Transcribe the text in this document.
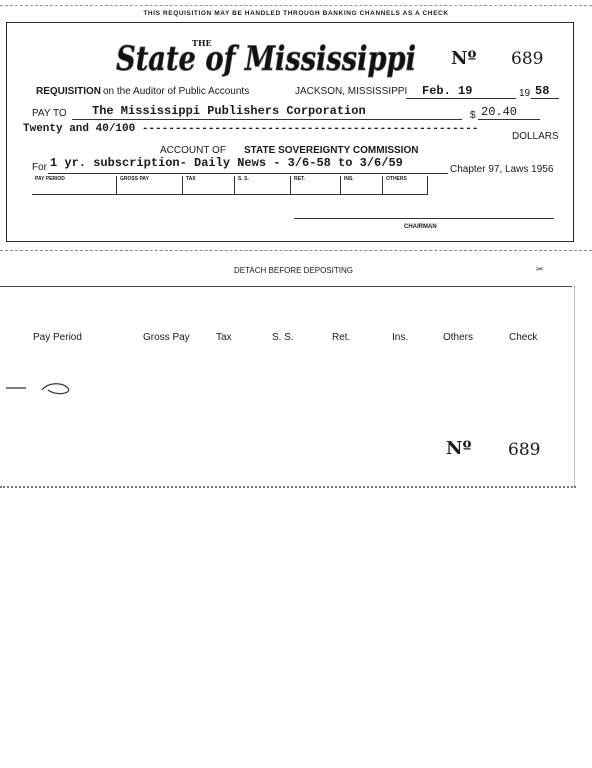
THIS REQUISITION MAY BE HANDLED THROUGH BANKING CHANNELS AS A CHECK
THE
State of Mississippi Nº 689
REQUISITION on the Auditor of Public Accounts	JACKSON, MISSISSIPPI Feb. 19	19 58
PAY TO The Mississippi Publishers Corporation	$ 20.40
Twenty and 40/100 ---------------------------------------------------
DOLLARS
ACCOUNT OF STATE SOVEREIGNTY COMMISSION
For 1 yr. subscription- Daily News - 3/6-58 to 3/6/59	Chapter 97, Laws 1956
PAY PERIOD	GROSS PAY	TAX	S. S.	RET.	INS.	OTHERS
CHAIRMAN
DETACH BEFORE DEPOSITING	✂
Pay Period	Gross Pay	Tax	S. S.	Ret.	Ins.	Others	Check
Nº 689
